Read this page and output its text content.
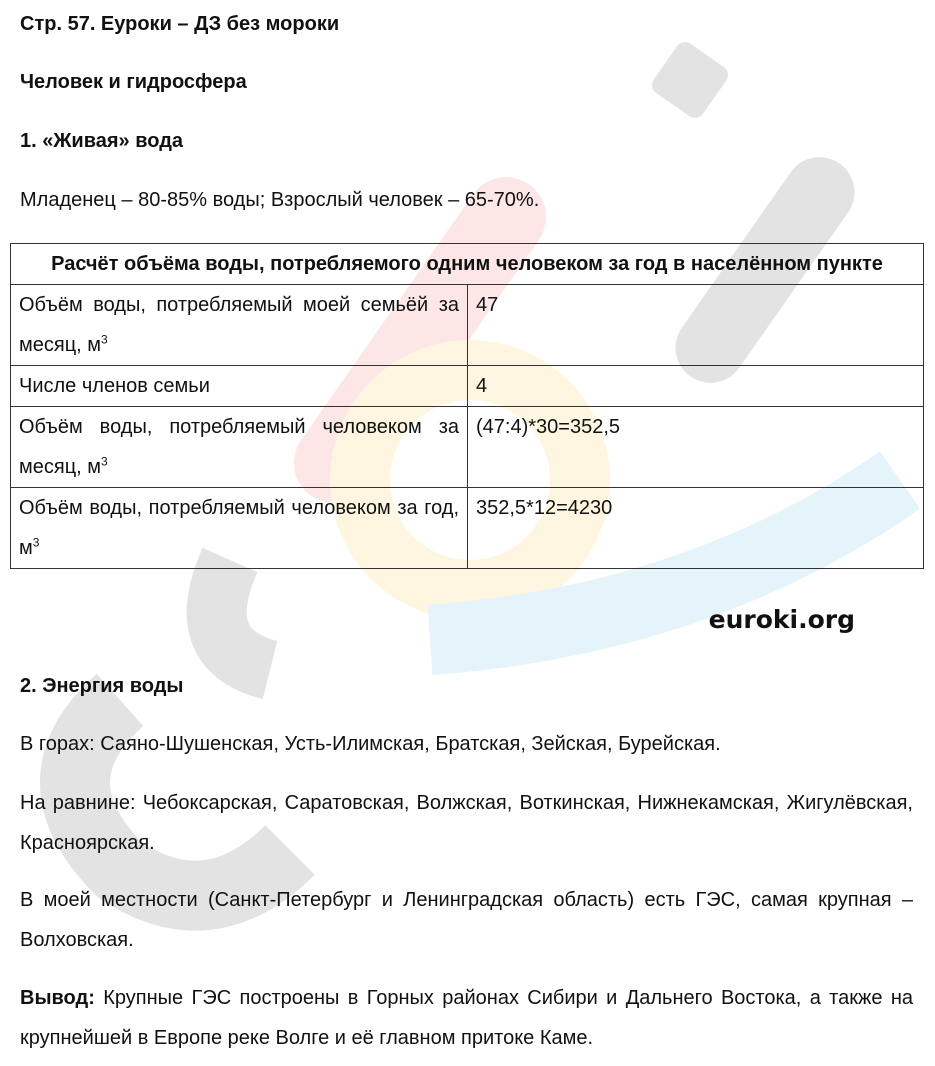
Стр. 57. Еуроки – ДЗ без мороки
Человек и гидросфера
1. «Живая» вода
Младенец – 80-85% воды; Взрослый человек – 65-70%.
Расчёт объёма воды, потребляемого одним человеком за год в населённом пункте	
Объём воды, потребляемый моей семьёй за месяц, $м^3$	47
Числе членов семьи	4
Объём воды, потребляемый человеком за месяц, $м^3$	(47:4)*30=352,5
Объём воды, потребляемый человеком за год, $м^3$	352,5*12=4230
euroki.org
2. Энергия воды
В горах: Саяно-Шушенская, Усть-Илимская, Братская, Зейская, Бурейская.
На равнине: Чебоксарская, Саратовская, Волжская, Воткинская, Нижнекамская, Жигулёвская, Красноярская.
В моей местности (Санкт-Петербург и Ленинградская область) есть ГЭС, самая крупная – Волховская.
Вывод: Крупные ГЭС построены в Горных районах Сибири и Дальнего Востока, а также на крупнейшей в Европе реке Волге и её главном притоке Каме.
